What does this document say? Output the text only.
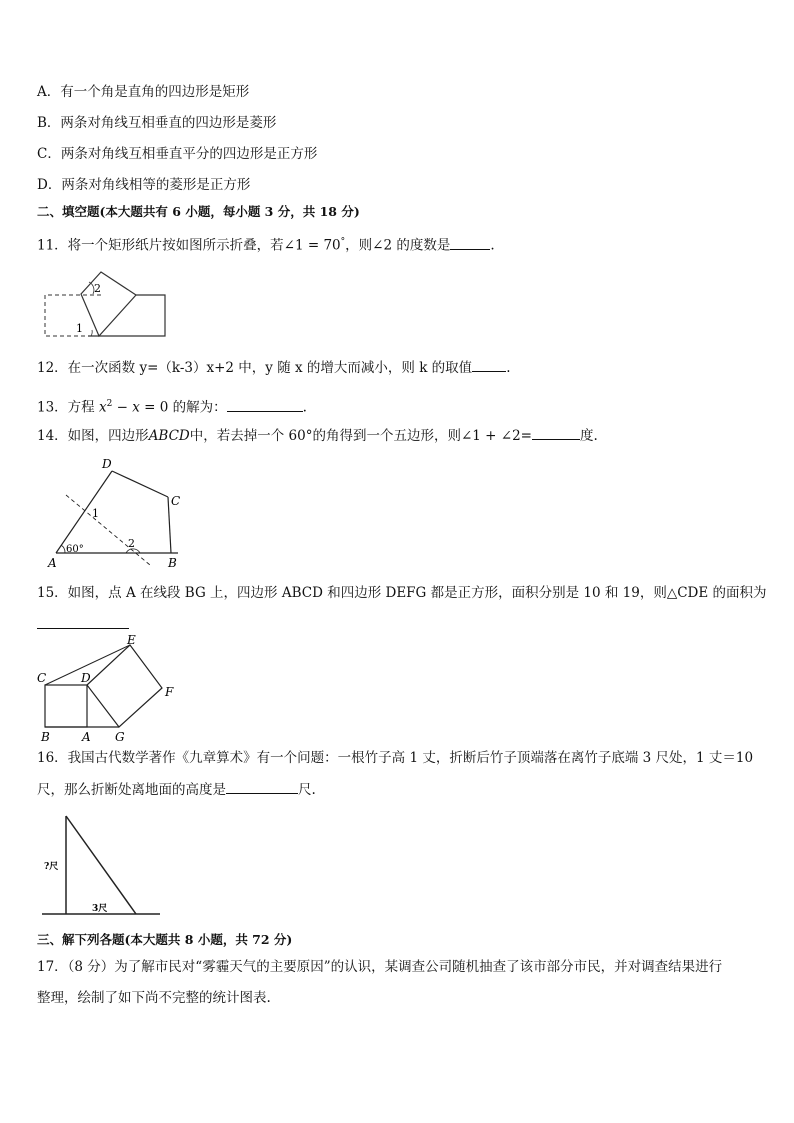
A．有一个角是直角的四边形是矩形
B．两条对角线互相垂直的四边形是菱形
C．两条对角线互相垂直平分的四边形是正方形
D．两条对角线相等的菱形是正方形
二、填空题(本大题共有 6 小题，每小题 3 分，共 18 分)
11．将一个矩形纸片按如图所示折叠，若∠1 = 70°，则∠2 的度数是	.
1
2
12．在一次函数 y=（k-3）x+2 中，y 随 x 的增大而减小，则 k 的取值	.
13．方程 $x^2 - x = 0$ 的解为：	.
14．如图，四边形ABCD中，若去掉一个 60°的角得到一个五边形，则∠1 + ∠2=	度.
D
C
A	B
1
2
60°
15．如图，点 A 在线段 BG 上，四边形 ABCD 和四边形 DEFG 都是正方形，面积分别是 10 和 19，则△CDE 的面积为
C	D
E
F
B	A G
16．我国古代数学著作《九章算术》有一个问题：一根竹子高 1 丈，折断后竹子顶端落在离竹子底端 3 尺处，1 丈＝10
尺，那么折断处离地面的高度是	尺.
?尺
3尺
三、解下列各题(本大题共 8 小题，共 72 分)
17．（8 分）为了解市民对“雾霾天气的主要原因”的认识，某调查公司随机抽查了该市部分市民，并对调查结果进行
整理，绘制了如下尚不完整的统计图表.
